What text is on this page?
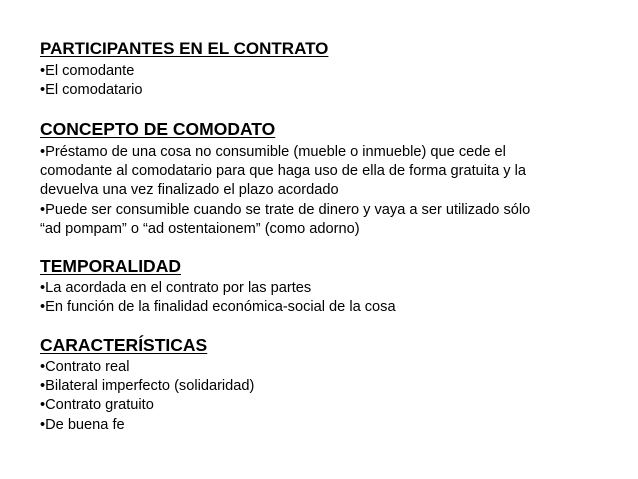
PARTICIPANTES EN EL CONTRATO

•El comodante

•El comodatario

CONCEPTO DE COMODATO

•Préstamo de una cosa no consumible (mueble o inmueble) que cede el

comodante al comodatario para que haga uso de ella de forma gratuita y la

devuelva una vez finalizado el plazo acordado

•Puede ser consumible cuando se trate de dinero y vaya a ser utilizado sólo

“ad pompam” o “ad ostentaionem” (como adorno)

TEMPORALIDAD

•La acordada en el contrato por las partes

•En función de la finalidad económica-social de la cosa

CARACTERÍSTICAS

•Contrato real

•Bilateral imperfecto (solidaridad)

•Contrato gratuito

•De buena fe
